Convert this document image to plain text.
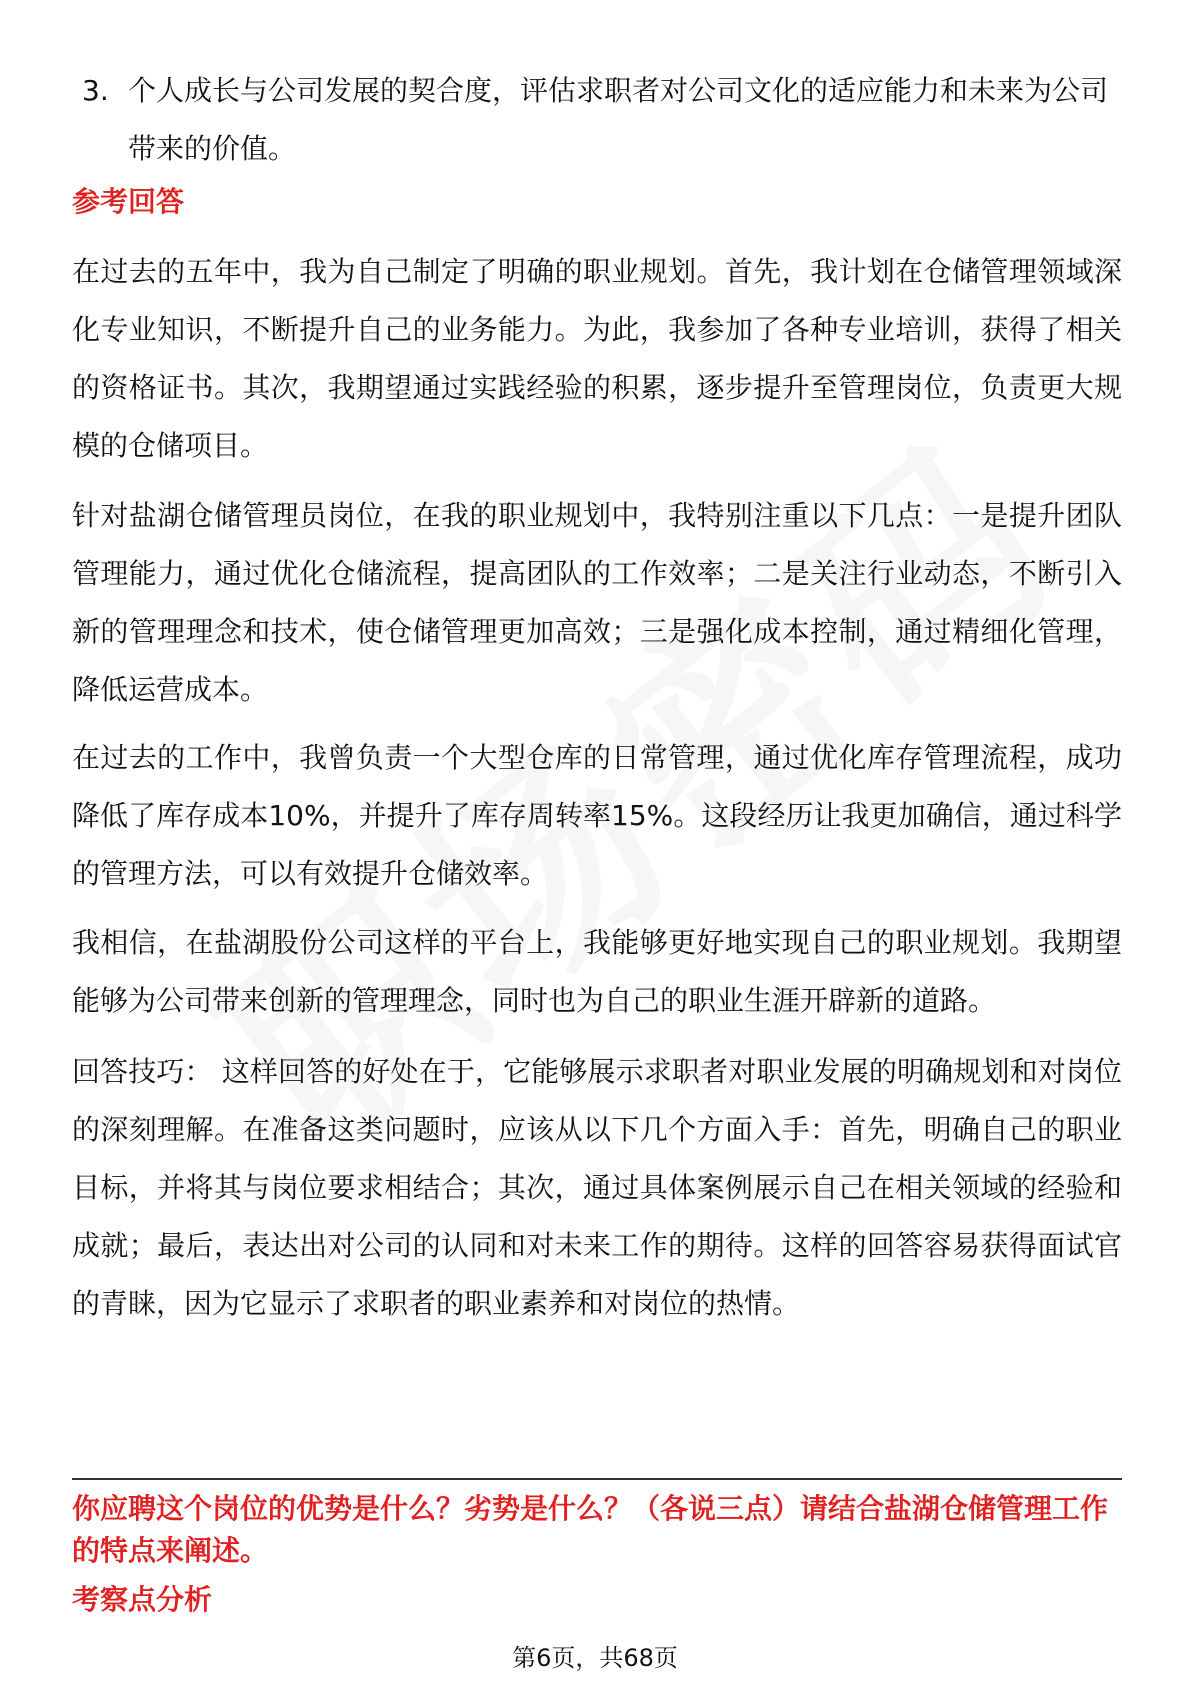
3. 个人成长与公司发展的契合度，评估求职者对公司文化的适应能力和未来为公司带来的价值。
参考回答
在过去的五年中，我为自己制定了明确的职业规划。首先，我计划在仓储管理领域深化专业知识，不断提升自己的业务能力。为此，我参加了各种专业培训，获得了相关的资格证书。其次，我期望通过实践经验的积累，逐步提升至管理岗位，负责更大规模的仓储项目。
针对盐湖仓储管理员岗位，在我的职业规划中，我特别注重以下几点：一是提升团队管理能力，通过优化仓储流程，提高团队的工作效率；二是关注行业动态，不断引入新的管理理念和技术，使仓储管理更加高效；三是强化成本控制，通过精细化管理，降低运营成本。
在过去的工作中，我曾负责一个大型仓库的日常管理，通过优化库存管理流程，成功降低了库存成本10%，并提升了库存周转率15%。这段经历让我更加确信，通过科学的管理方法，可以有效提升仓储效率。
我相信，在盐湖股份公司这样的平台上，我能够更好地实现自己的职业规划。我期望能够为公司带来创新的管理理念，同时也为自己的职业生涯开辟新的道路。
回答技巧： 这样回答的好处在于，它能够展示求职者对职业发展的明确规划和对岗位的深刻理解。在准备这类问题时，应该从以下几个方面入手：首先，明确自己的职业目标，并将其与岗位要求相结合；其次，通过具体案例展示自己在相关领域的经验和成就；最后，表达出对公司的认同和对未来工作的期待。这样的回答容易获得面试官的青睐，因为它显示了求职者的职业素养和对岗位的热情。
你应聘这个岗位的优势是什么？劣势是什么？（各说三点）请结合盐湖仓储管理工作的特点来阐述。
考察点分析
第6页，共68页
